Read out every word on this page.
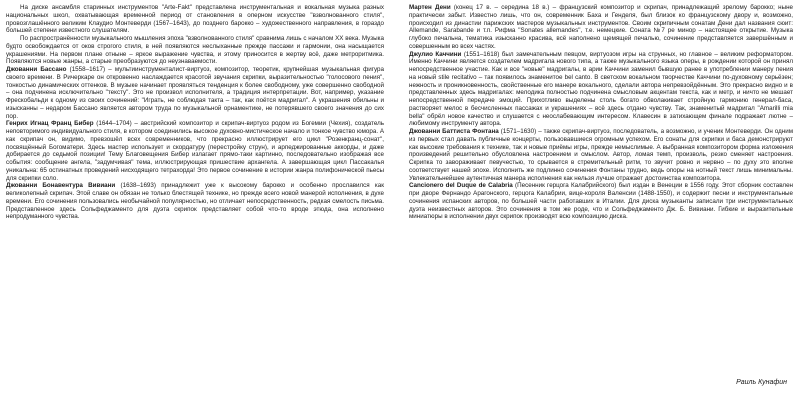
На диске ансамбля старинных инструментов "Arte-Fakt" представлена инструментальная и вокальная музыка разных национальных школ, охватывающая временной период от становления в оперном искусстве "взволнованного стиля", провозглашённого великим Клаудио Монтеверди (1567–1643), до позднего барокко – художественного направления, в гораздо большей степени известного слушателям.

По распространённости музыкального мышления эпоха "взволнованного стиля" сравнима лишь с началом XX века. Музыка будто освобождается от оков строгого стиля, в ней появляются неслыханные прежде пассажи и гармонии, она насыщается украшениями. На первом плане отныне – яркое выражение чувства, и этому приносится в жертву всё, даже метроритмика. Появляются новые жанры, а старые преобразуются до неузнаваемости.

Джованни Бассано (1558–1617) – мультиинструменталист-виртуоз, композитор, теоретик, крупнейшая музыкальная фигура своего времени. В Ричеркаре он откровенно наслаждается красотой звучания скрипки, выразительностью "голосового пения", тонкостью динамических оттенков. В музыке начинает проявляться тенденция к более свободному, уже совершенно свободной – она подчинена исключительно "тексту". Это не произвол исполнителя, а традиция интерпретации. Вот, например, указание Фрескобальди к одному из своих сочинений: "Играть, не соблюдая такта – так, как поётся мадригал". А украшения обильны и изысканны – недаром Бассано является автором труда по музыкальной орнаментике, не потерявшего своего значения до сих пор.

Генрих Игнац Франц Бибер (1644–1704) – австрийский композитор и скрипач-виртуоз родом из Богемии (Чехия), создатель неповторимого индивидуального стиля, в котором соединились высокое духовно-мистическое начало и тонкое чувство юмора. А как скрипач он, видимо, превзошёл всех современников, что прекрасно иллюстрирует его цикл "Розенкранц-сонат", посвящённый Богоматери. Здесь мастер использует и скордатуру (перестройку струн), и арпеджированные аккорды, и даже добирается до седьмой позиции! Тему Благовещения Бибер излагает прямо-таки картинно, последовательно изображая все события: сообщение ангела, "задумчивая" тема, иллюстрирующая пришествие архангела. А завершающая цикл Пассакалья уникальна: 65 остинатных проведений нисходящего тетрахорда! Это первое сочинение в истории жанра полифонической пьесы для скрипки соло.

Джованни Бонавентура Вивиани (1638–1693) принадлежит уже к высокому барокко и особенно прославился как великолепный скрипач. Этой славе он обязан не только блестящей технике, но прежде всего новой манерой исполнения, в духе времени. Его сочинения пользовались необычайной популярностью, но отличает непосредственность, редкая смелость письма. Представленное здесь Сольфеджаменто для дуэта скрипок представляет собой что-то вроде этюда, она исполнено непродуманного чувства.

Мартен Дени (конец 17 в. – середина 18 в.) – французский композитор и скрипач, принадлежащий зрелому барокко; ныне практически забыт. Известно лишь, что он, современник Баха и Генделя, был близок ко французскому двору и, возможно, происходил из династии парижских мастеров музыкальных инструментов. Своим скрипичным сонатам Дени дал названия сюит: Allemande, Sarabande и т.п. Рифма "Sonates allemandes", т.е. немецкие. Соната №7 ре минор – настоящее открытие. Музыка глубоко печальна, тематика изысканно красива, всё наполнено щемящей печалью, сочинение представляется завершённым и совершенным во всех частях.

Джулио Каччини (1551–1618) был замечательным певцом, виртуозом игры на струнных, но главное – великим реформатором. Именно Каччини является создателем мадригала нового типа, а также музыкального языка оперы, в рождении которой он принял непосредственное участие. Как и все "новые" мадригалы, в арии Каччини заменил бывшую ранее в употреблении манеру пения на новый stile recitativo – так появилось знаменитое bel canto. В светском вокальном творчестве Каччини по-духовному серьёзен; нежность и проникновенность, свойственные его манере вокального, сделали автора непревзойдённым. Это прекрасно видно и в представленных здесь мадригалах: мелодика полностью подчинена смысловым акцентам текста, как и метр, и ничто не мешает непосредственной передаче эмоций. Прихотливо выделены столь богато обволакивает стройную гармонию генерал-баса, растворяет мелос в бесчисленных пассажах и украшениях – всё здесь отдано чувству. Так, знаменитый мадригал "Amarilli mia bella" обрёл новое качество и слушается с неослабевающим интересом. Клавесин в затихающем финале подражает лютне – любимому инструменту автора.

Джованни Баттиста Фонтана (1571–1630) – также скрипач-виртуоз, последователь, а возможно, и ученик Монтеверди. Он одним из первых стал давать публичные концерты, пользовавшиеся огромным успехом. Его сонаты для скрипки и баса демонстрируют как высокие требования к технике, так и новые приёмы игры, прежде немыслимые. А выбранная композитором форма изложения произведений решительно обусловлена настроением и смыслом. Автор, ломая темп, произволь, резко сменяет настроения. Скрипка то завораживает певучестью, то срывается в стремительный ритм, то звучит ровно и нервно – по духу это вполне соответствует нашей эпохе. Исполнить же подлинно сочинения Фонтаны трудно, ведь опоры на нотный текст лишь минимальны. Увлекательнейшее аутентичная манера исполнения как нельзя лучше отражает достоинства композитора.

Cancionero del Duque de Calabria (Песенник герцога Калабрийского) был издан в Венеции в 1556 году. Этот сборник составлен при дворе Фернандо Арагонского, герцога Калабрии, вице-короля Валенсии (1488-1550), и содержит песни и инструментальные сочинения испанских авторов, по большей части работавших в Италии. Для диска музыканты записали три инструментальных дуэта неизвестных авторов. Это сочинения в том же роде, что и Сольфеджаменто Дж. Б. Вивиани. Гибкие и выразительные миниатюры в исполнении двух скрипок производят всю композицию диска.

Раиль Кунафин
